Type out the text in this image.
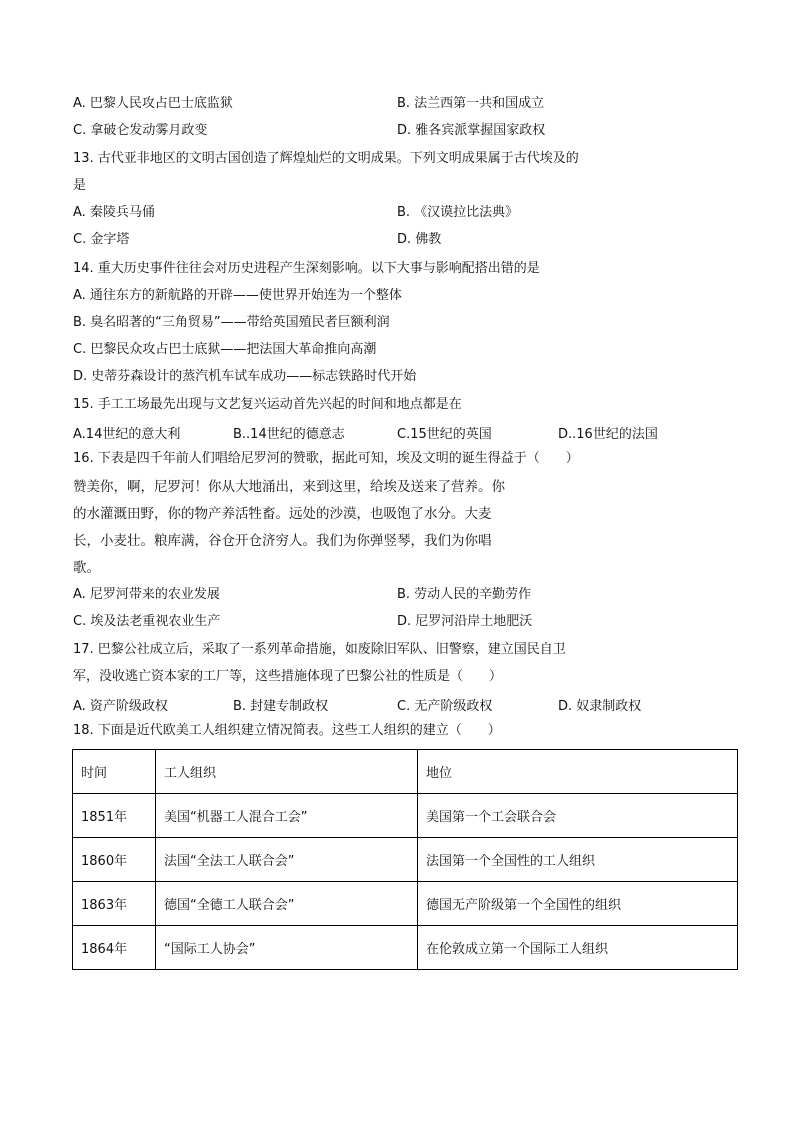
A. 巴黎人民攻占巴士底监狱	B. 法兰西第一共和国成立
C. 拿破仑发动雾月政变	D. 雅各宾派掌握国家政权
13. 古代亚非地区的文明古国创造了辉煌灿烂的文明成果。下列文明成果属于古代埃及的
是
A. 秦陵兵马俑	B. 《汉谟拉比法典》
C. 金字塔	D. 佛教
14. 重大历史事件往往会对历史进程产生深刻影响。以下大事与影响配搭出错的是
A. 通往东方的新航路的开辟——使世界开始连为一个整体
B. 臭名昭著的“三角贸易”——带给英国殖民者巨额利润
C. 巴黎民众攻占巴士底狱——把法国大革命推向高潮
D. 史蒂芬森设计的蒸汽机车试车成功——标志铁路时代开始
15. 手工工场最先出现与文艺复兴运动首先兴起的时间和地点都是在
A.14世纪的意大利	B..14世纪的德意志	C.15世纪的英国	D..16世纪的法国
16. 下表是四千年前人们唱给尼罗河的赞歌，据此可知，埃及文明的诞生得益于（　　）
赞美你，啊，尼罗河！你从大地涌出，来到这里，给埃及送来了营养。你
的水灌溉田野，你的物产养活牲畜。远处的沙漠，也吸饱了水分。大麦
长，小麦壮。粮库满，谷仓开仓济穷人。我们为你弹竖琴，我们为你唱
歌。
A. 尼罗河带来的农业发展	B. 劳动人民的辛勤劳作
C. 埃及法老重视农业生产	D. 尼罗河沿岸土地肥沃
17. 巴黎公社成立后，采取了一系列革命措施，如废除旧军队、旧警察，建立国民自卫
军，没收逃亡资本家的工厂等，这些措施体现了巴黎公社的性质是（　　）
A. 资产阶级政权	B. 封建专制政权	C. 无产阶级政权	D. 奴隶制政权
18. 下面是近代欧美工人组织建立情况简表。这些工人组织的建立（　　）
时间	工人组织	地位
1851年	美国“机器工人混合工会”	美国第一个工会联合会
1860年	法国“全法工人联合会”	法国第一个全国性的工人组织
1863年	德国“全德工人联合会”	德国无产阶级第一个全国性的组织
1864年	“国际工人协会”	在伦敦成立第一个国际工人组织
